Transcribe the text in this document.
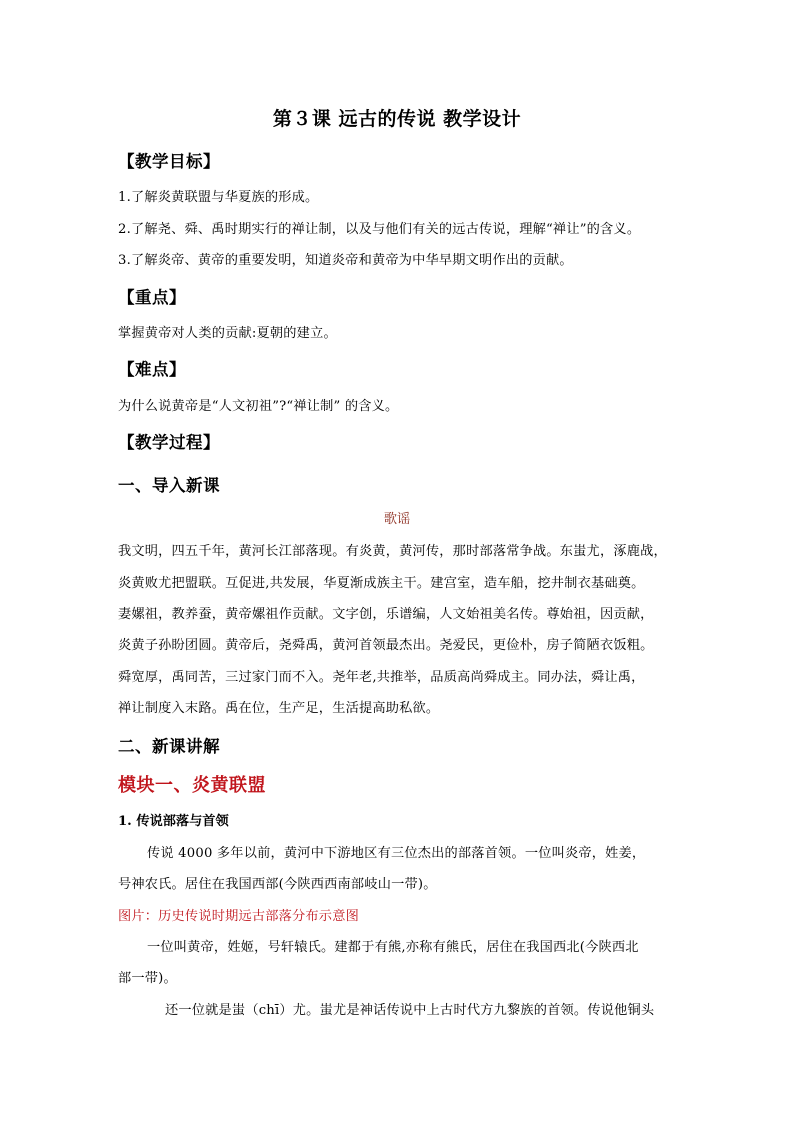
第３课 远古的传说 教学设计
【教学目标】
1.了解炎黄联盟与华夏族的形成。
2.了解尧、舜、禹时期实行的禅让制，以及与他们有关的远古传说，理解“禅让”的含义。
3.了解炎帝、黄帝的重要发明，知道炎帝和黄帝为中华早期文明作出的贡献。
【重点】
掌握黄帝对人类的贡献:夏朝的建立。
【难点】
为什么说黄帝是“人文初祖”?“禅让制” 的含义。
【教学过程】
一、导入新课
歌谣
我文明，四五千年，黄河长江部落现。有炎黄，黄河传，那时部落常争战。东蚩尤，涿鹿战，
炎黄败尤把盟联。互促进,共发展，华夏渐成族主干。建宫室，造车船，挖井制衣基础奠。
妻嫘祖，教养蚕，黄帝嫘祖作贡献。文字创，乐谱编，人文始祖美名传。尊始祖，因贡献，
炎黄子孙盼团圆。黄帝后，尧舜禹，黄河首领最杰出。尧爱民，更俭朴，房子简陋衣饭粗。
舜宽厚，禹同苦，三过家门而不入。尧年老,共推举，品质高尚舜成主。同办法，舜让禹，
禅让制度入末路。禹在位，生产足，生活提高助私欲。
二、新课讲解
模块一、炎黄联盟
1. 传说部落与首领
传说 4000 多年以前，黄河中下游地区有三位杰出的部落首领。一位叫炎帝，姓姜，
号神农氏。居住在我国西部(今陕西西南部岐山一带)。
图片：历史传说时期远古部落分布示意图
一位叫黄帝，姓姬，号轩辕氏。建都于有熊,亦称有熊氏，居住在我国西北(今陕西北
部一带)。
还一位就是蚩（chī）尤。蚩尤是神话传说中上古时代方九黎族的首领。传说他铜头
